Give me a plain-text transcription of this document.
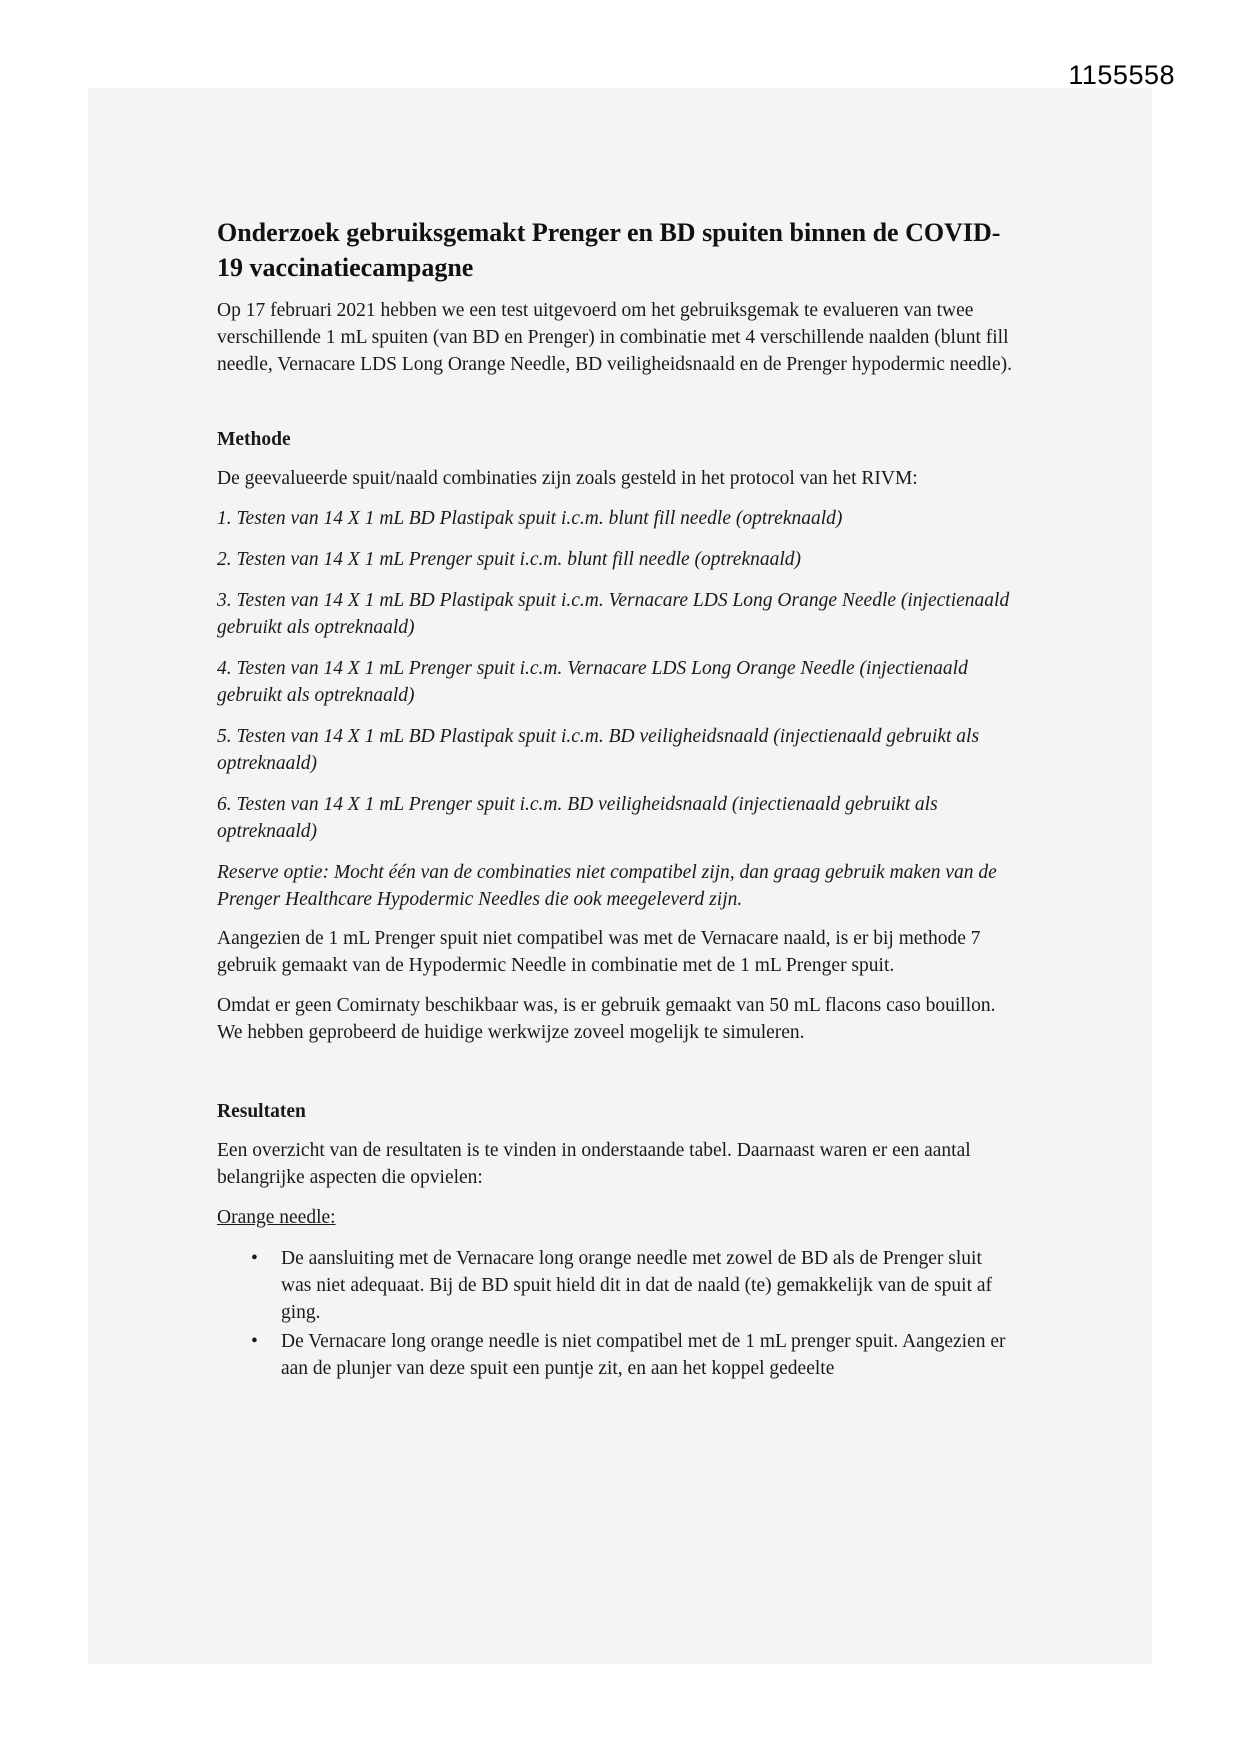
1155558
Onderzoek gebruiksgemakt Prenger en BD spuiten binnen de COVID-19 vaccinatiecampagne

Op 17 februari 2021 hebben we een test uitgevoerd om het gebruiksgemak te evalueren van twee verschillende 1 mL spuiten (van BD en Prenger) in combinatie met 4 verschillende naalden (blunt fill needle, Vernacare LDS Long Orange Needle, BD veiligheidsnaald en de Prenger hypodermic needle).

Methode

De geevalueerde spuit/naald combinaties zijn zoals gesteld in het protocol van het RIVM:

1. Testen van 14 X 1 mL BD Plastipak spuit i.c.m. blunt fill needle (optreknaald)

2. Testen van 14 X 1 mL Prenger spuit i.c.m. blunt fill needle (optreknaald)

3. Testen van 14 X 1 mL BD Plastipak spuit i.c.m. Vernacare LDS Long Orange Needle (injectienaald gebruikt als optreknaald)

4. Testen van 14 X 1 mL Prenger spuit i.c.m. Vernacare LDS Long Orange Needle (injectienaald gebruikt als optreknaald)

5. Testen van 14 X 1 mL BD Plastipak spuit i.c.m. BD veiligheidsnaald (injectienaald gebruikt als optreknaald)

6. Testen van 14 X 1 mL Prenger spuit i.c.m. BD veiligheidsnaald (injectienaald gebruikt als optreknaald)

Reserve optie: Mocht één van de combinaties niet compatibel zijn, dan graag gebruik maken van de Prenger Healthcare Hypodermic Needles die ook meegeleverd zijn.

Aangezien de 1 mL Prenger spuit niet compatibel was met de Vernacare naald, is er bij methode 7 gebruik gemaakt van de Hypodermic Needle in combinatie met de 1 mL Prenger spuit.

Omdat er geen Comirnaty beschikbaar was, is er gebruik gemaakt van 50 mL flacons caso bouillon. We hebben geprobeerd de huidige werkwijze zoveel mogelijk te simuleren.

Resultaten

Een overzicht van de resultaten is te vinden in onderstaande tabel. Daarnaast waren er een aantal belangrijke aspecten die opvielen:

Orange needle:

• De aansluiting met de Vernacare long orange needle met zowel de BD als de Prenger sluit was niet adequaat. Bij de BD spuit hield dit in dat de naald (te) gemakkelijk van de spuit af ging.
• De Vernacare long orange needle is niet compatibel met de 1 mL prenger spuit. Aangezien er aan de plunjer van deze spuit een puntje zit, en aan het koppel gedeelte
